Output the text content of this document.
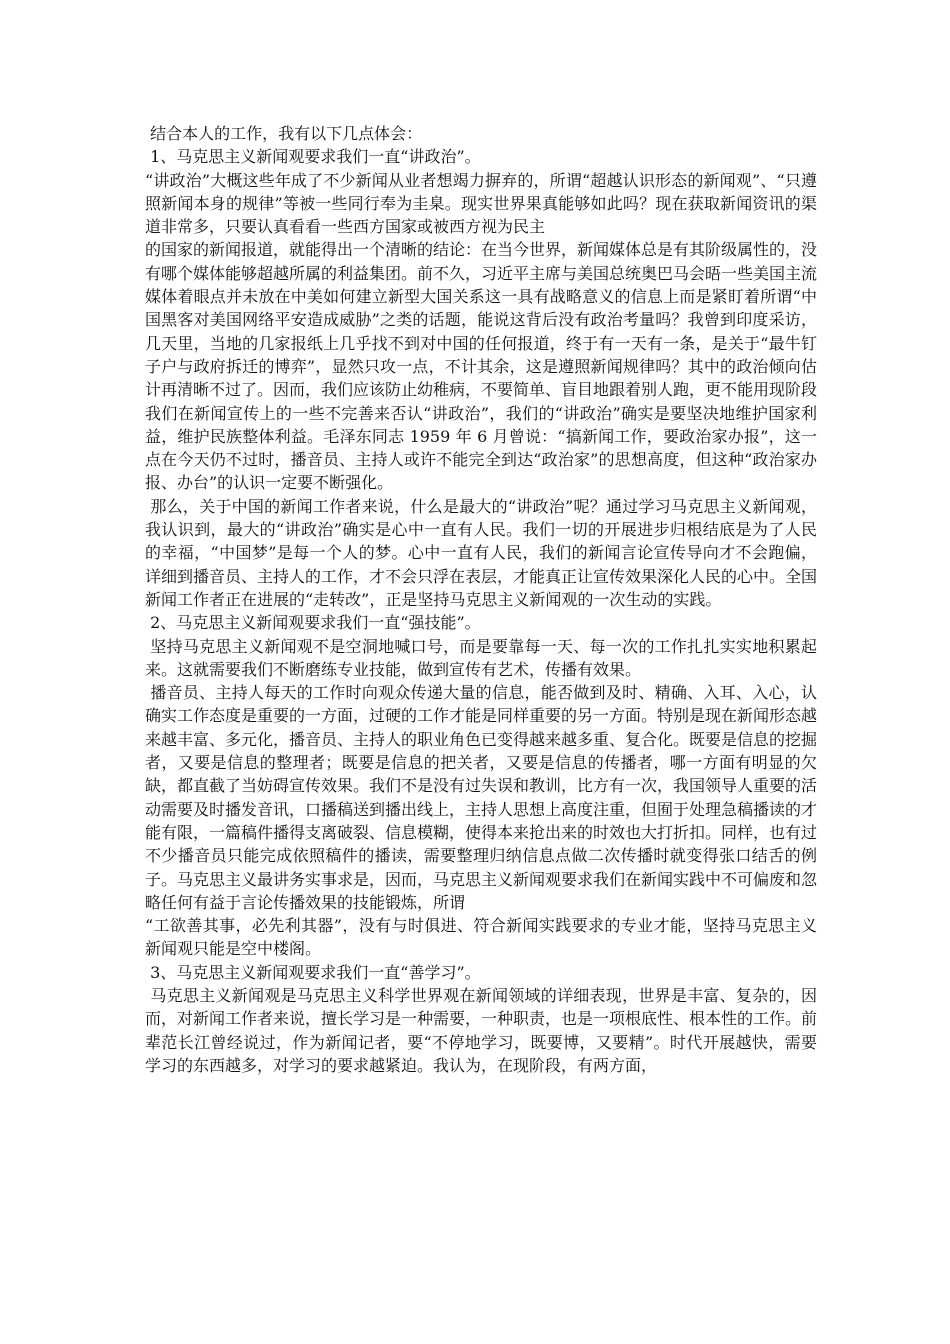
结合本人的工作，我有以下几点体会：

1、马克思主义新闻观要求我们一直“讲政治”。

“讲政治”大概这些年成了不少新闻从业者想竭力摒弃的，所谓“超越认识形态的新闻观”、“只遵照新闻本身的规律”等被一些同行奉为圭臬。现实世界果真能够如此吗？现在获取新闻资讯的渠道非常多，只要认真看看一些西方国家或被西方视为民主

的国家的新闻报道，就能得出一个清晰的结论：在当今世界，新闻媒体总是有其阶级属性的，没有哪个媒体能够超越所属的利益集团。前不久，习近平主席与美国总统奥巴马会晤一些美国主流媒体着眼点并未放在中美如何建立新型大国关系这一具有战略意义的信息上而是紧盯着所谓“中国黑客对美国网络平安造成威胁”之类的话题，能说这背后没有政治考量吗？我曾到印度采访，几天里，当地的几家报纸上几乎找不到对中国的任何报道，终于有一天有一条，是关于“最牛钉子户与政府拆迁的博弈”，显然只攻一点，不计其余，这是遵照新闻规律吗？其中的政治倾向估计再清晰不过了。因而，我们应该防止幼稚病，不要简单、盲目地跟着别人跑，更不能用现阶段我们在新闻宣传上的一些不完善来否认“讲政治”，我们的“讲政治”确实是要坚决地维护国家利益，维护民族整体利益。毛泽东同志 1959 年 6 月曾说：“搞新闻工作，要政治家办报”，这一点在今天仍不过时，播音员、主持人或许不能完全到达“政治家”的思想高度，但这种“政治家办报、办台”的认识一定要不断强化。

那么，关于中国的新闻工作者来说，什么是最大的“讲政治”呢？通过学习马克思主义新闻观，我认识到，最大的“讲政治”确实是心中一直有人民。我们一切的开展进步归根结底是为了人民的幸福，“中国梦”是每一个人的梦。心中一直有人民，我们的新闻言论宣传导向才不会跑偏，详细到播音员、主持人的工作，才不会只浮在表层，才能真正让宣传效果深化人民的心中。全国

新闻工作者正在进展的“走转改”，正是坚持马克思主义新闻观的一次生动的实践。

2、马克思主义新闻观要求我们一直“强技能”。

坚持马克思主义新闻观不是空洞地喊口号，而是要靠每一天、每一次的工作扎扎实实地积累起来。这就需要我们不断磨练专业技能，做到宣传有艺术，传播有效果。

播音员、主持人每天的工作时向观众传递大量的信息，能否做到及时、精确、入耳、入心，认确实工作态度是重要的一方面，过硬的工作才能是同样重要的另一方面。特别是现在新闻形态越来越丰富、多元化，播音员、主持人的职业角色已变得越来越多重、复合化。既要是信息的挖掘者，又要是信息的整理者；既要是信息的把关者，又要是信息的传播者，哪一方面有明显的欠缺，都直截了当妨碍宣传效果。我们不是没有过失误和教训，比方有一次，我国领导人重要的活动需要及时播发音讯，口播稿送到播出线上，主持人思想上高度注重，但囿于处理急稿播读的才能有限，一篇稿件播得支离破裂、信息模糊，使得本来抢出来的时效也大打折扣。同样，也有过不少播音员只能完成依照稿件的播读，需要整理归纳信息点做二次传播时就变得张口结舌的例子。马克思主义最讲务实事求是，因而，马克思主义新闻观要求我们在新闻实践中不可偏废和忽略任何有益于言论传播效果的技能锻炼，所谓

“工欲善其事，必先利其器”，没有与时俱进、符合新闻实践要求的专业才能，坚持马克思主义新闻观只能是空中楼阁。

3、马克思主义新闻观要求我们一直“善学习”。

马克思主义新闻观是马克思主义科学世界观在新闻领域的详细表现，世界是丰富、复杂的，因而，对新闻工作者来说，擅长学习是一种需要，一种职责，也是一项根底性、根本性的工作。前辈范长江曾经说过，作为新闻记者，要“不停地学习，既要博，又要精”。时代开展越快，需要学习的东西越多，对学习的要求越紧迫。我认为，在现阶段，有两方面，
